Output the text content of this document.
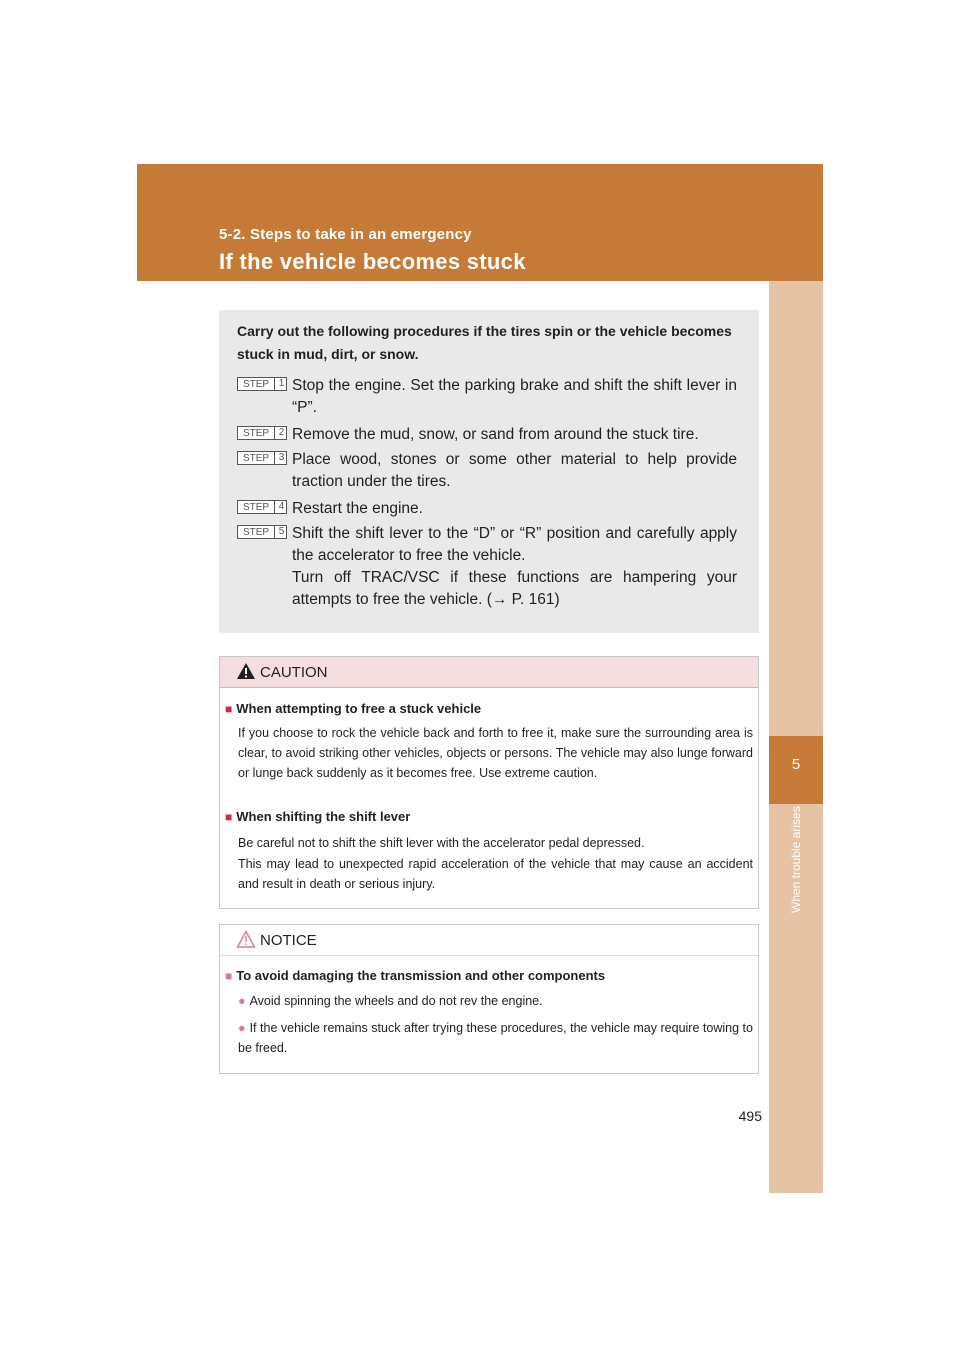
5-2. Steps to take in an emergency
If the vehicle becomes stuck
5
When trouble arises
Carry out the following procedures if the tires spin or the vehicle becomes stuck in mud, dirt, or snow.
STEP 1 Stop the engine. Set the parking brake and shift the shift lever in “P”.
STEP 2 Remove the mud, snow, or sand from around the stuck tire.
STEP 3 Place wood, stones or some other material to help provide traction under the tires.
STEP 4 Restart the engine.
STEP 5 Shift the shift lever to the “D” or “R” position and carefully apply the accelerator to free the vehicle.
Turn off TRAC/VSC if these functions are hampering your attempts to free the vehicle. (→ P. 161)
CAUTION
■ When attempting to free a stuck vehicle
If you choose to rock the vehicle back and forth to free it, make sure the surrounding area is clear, to avoid striking other vehicles, objects or persons. The vehicle may also lunge forward or lunge back suddenly as it becomes free. Use extreme caution.
■ When shifting the shift lever
Be careful not to shift the shift lever with the accelerator pedal depressed.
This may lead to unexpected rapid acceleration of the vehicle that may cause an accident and result in death or serious injury.
NOTICE
■ To avoid damaging the transmission and other components
● Avoid spinning the wheels and do not rev the engine.
● If the vehicle remains stuck after trying these procedures, the vehicle may require towing to be freed.
495
